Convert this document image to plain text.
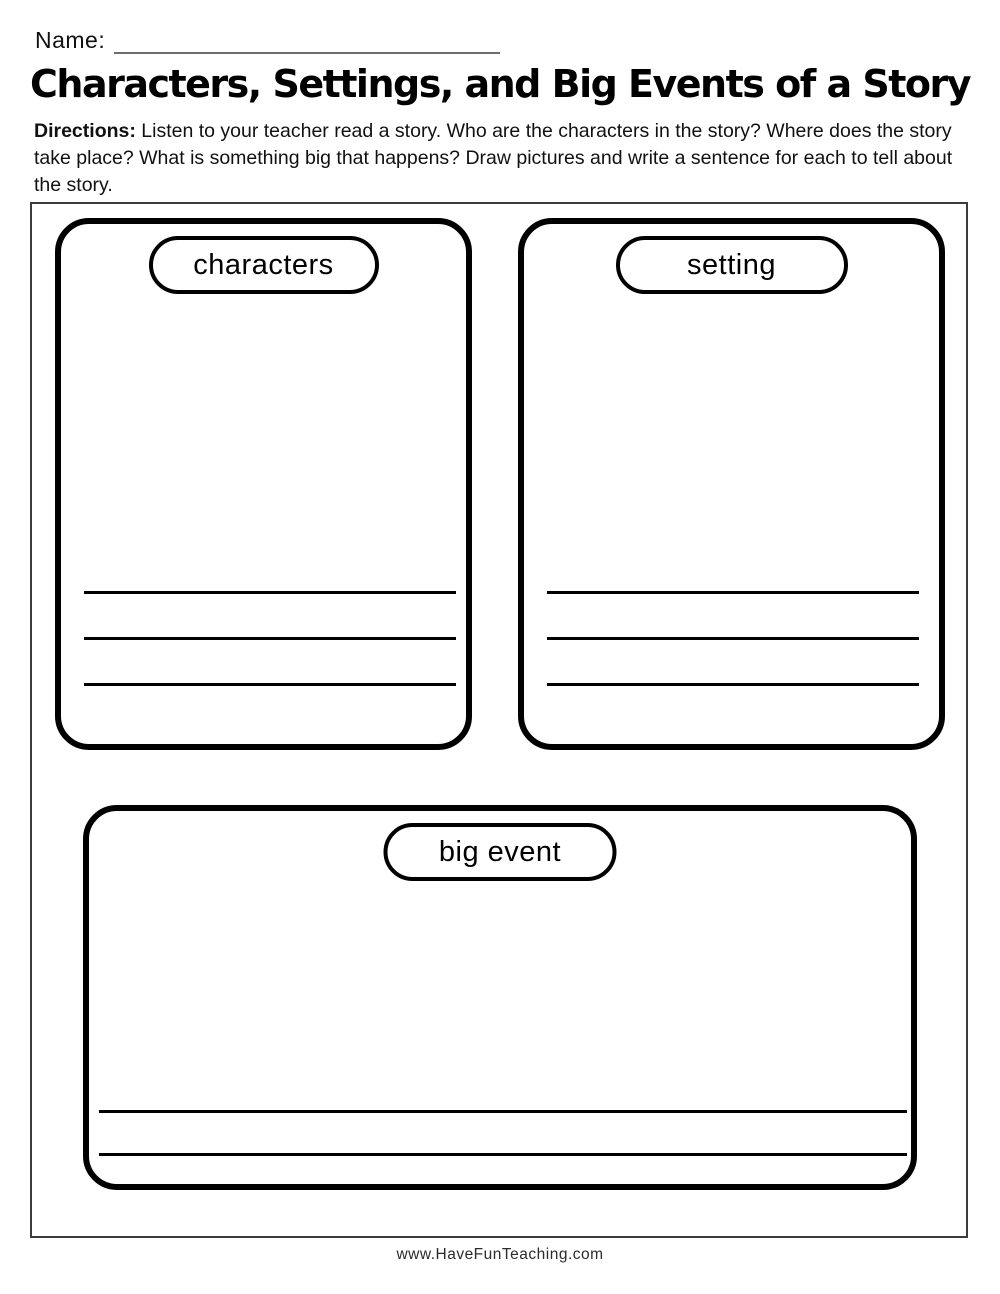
Name:
Characters, Settings, and Big Events of a Story
Directions: Listen to your teacher read a story. Who are the characters in the story? Where does the story take place? What is something big that happens? Draw pictures and write a sentence for each to tell about the story.
characters	setting
big event
www.HaveFunTeaching.com
